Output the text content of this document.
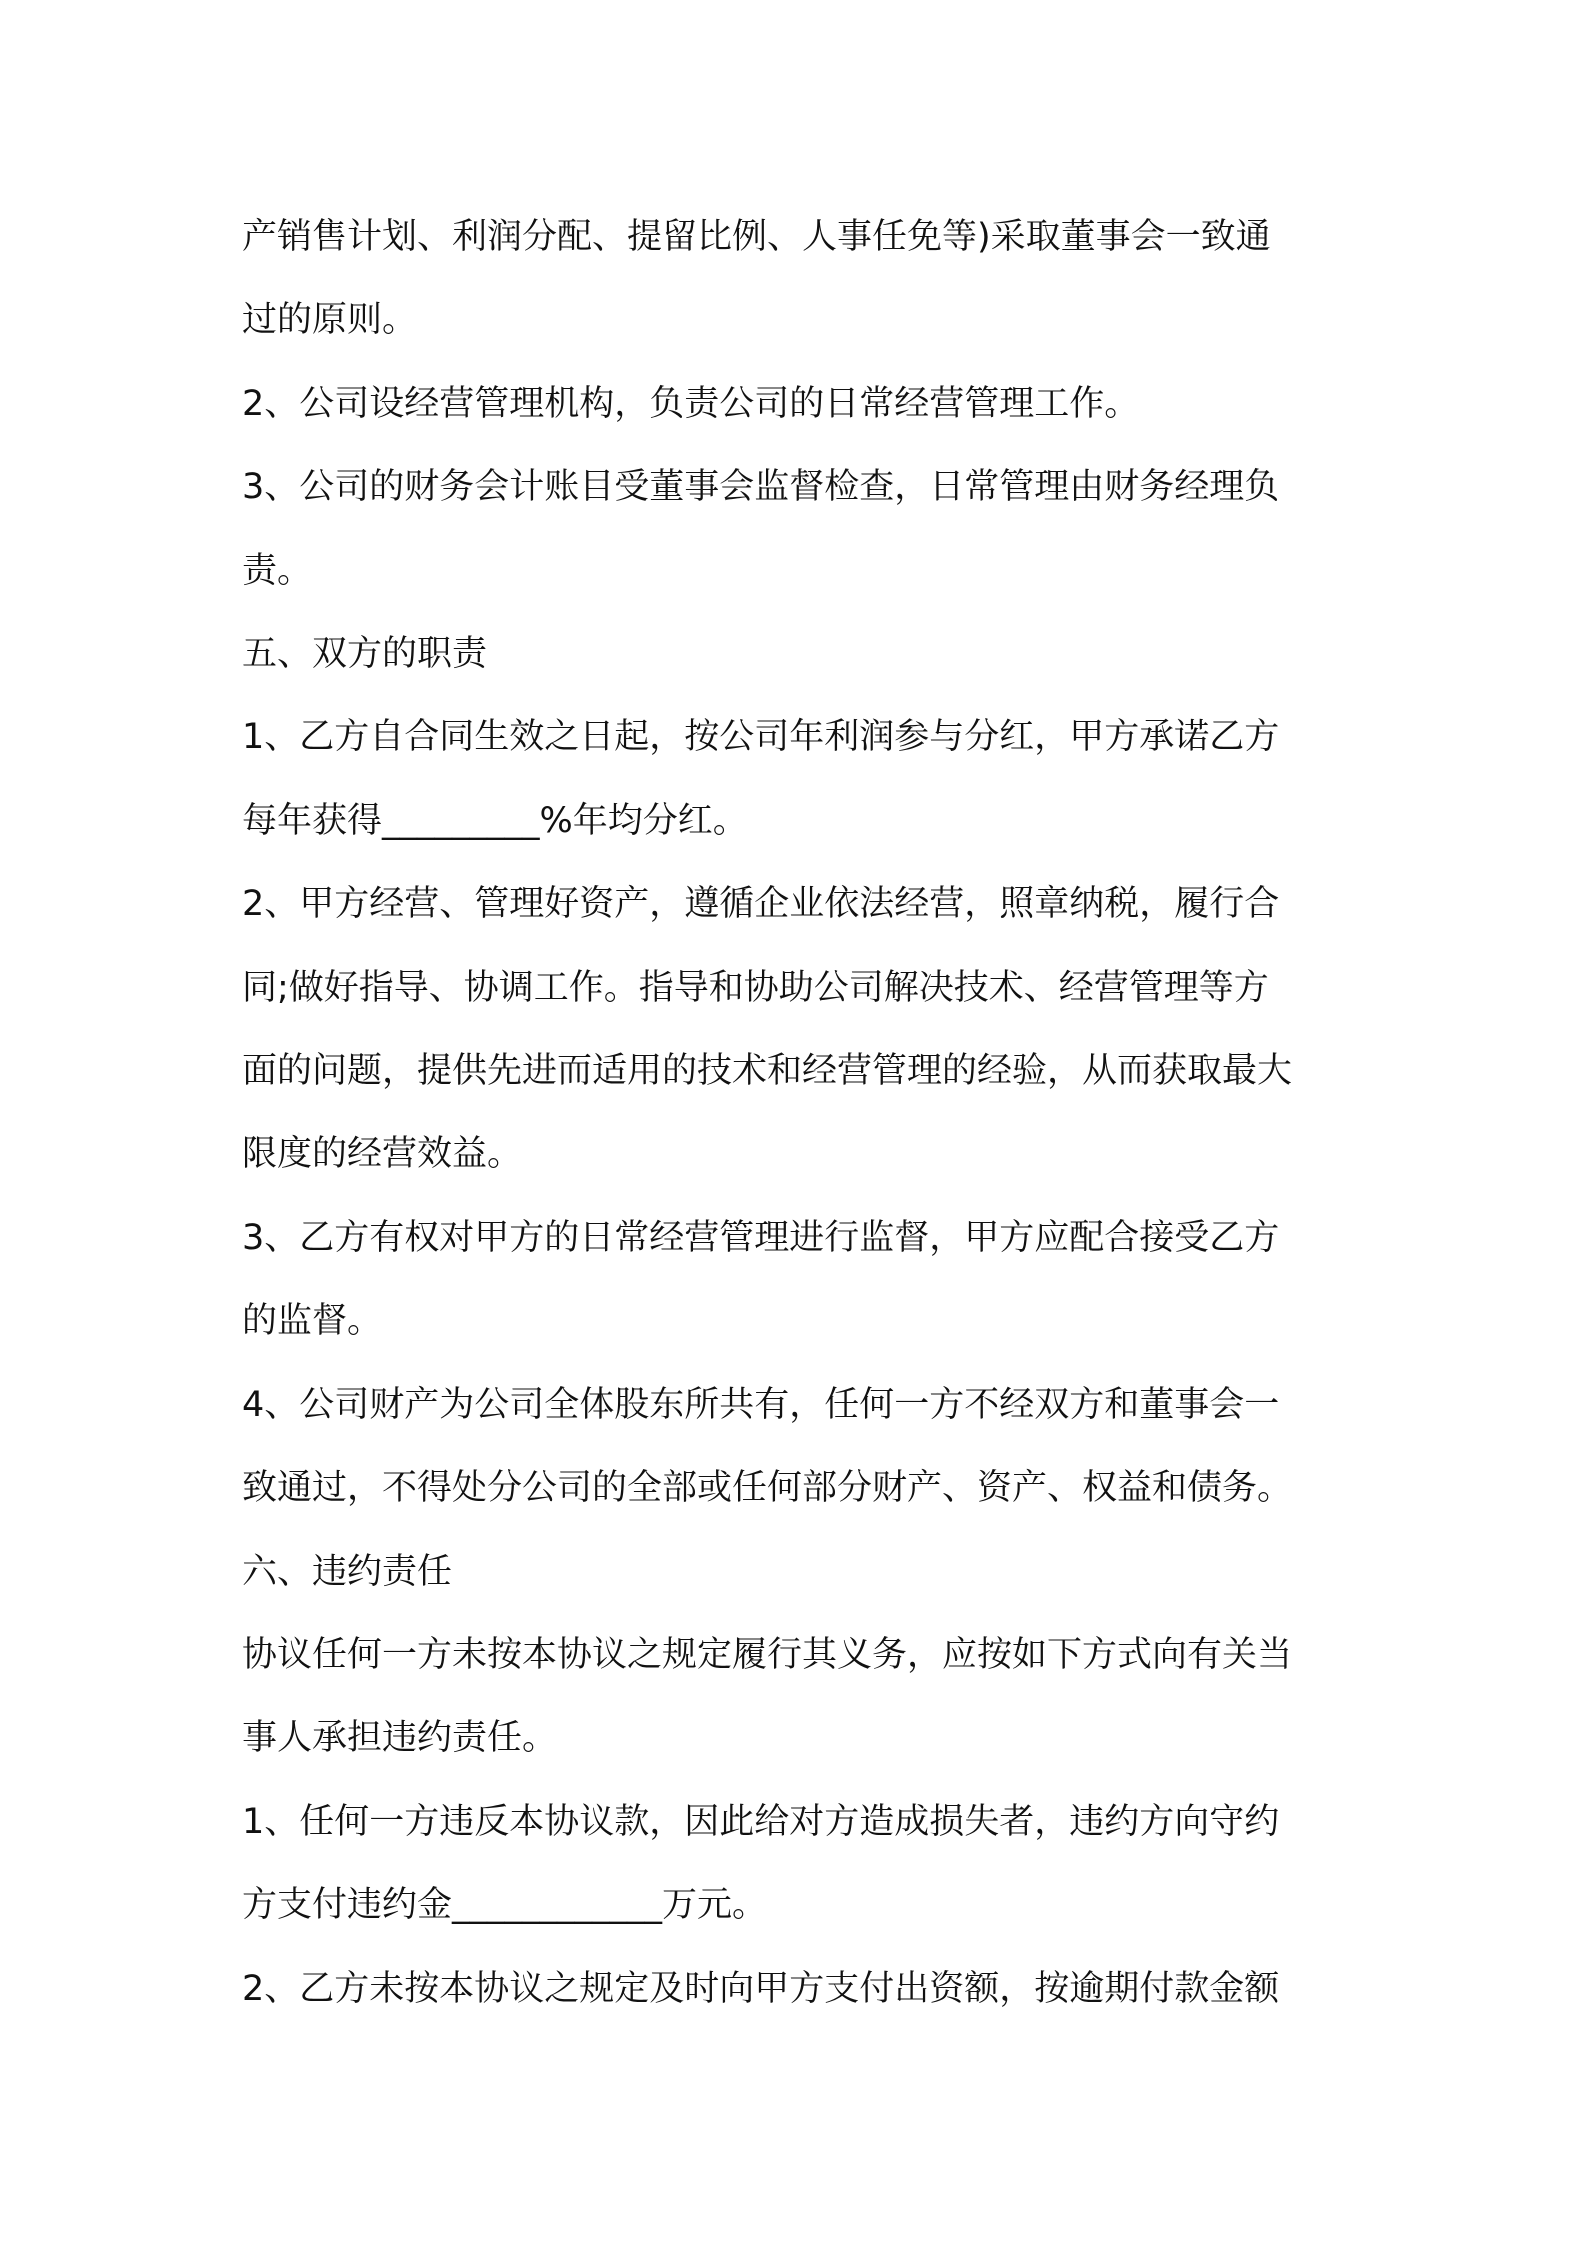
产销售计划、利润分配、提留比例、人事任免等)采取董事会一致通
过的原则。

2、公司设经营管理机构，负责公司的日常经营管理工作。

3、公司的财务会计账目受董事会监督检查，日常管理由财务经理负
责。

五、双方的职责

1、乙方自合同生效之日起，按公司年利润参与分红，甲方承诺乙方
每年获得_________%年均分红。

2、甲方经营、管理好资产，遵循企业依法经营，照章纳税，履行合
同;做好指导、协调工作。指导和协助公司解决技术、经营管理等方
面的问题，提供先进而适用的技术和经营管理的经验，从而获取最大
限度的经营效益。

3、乙方有权对甲方的日常经营管理进行监督，甲方应配合接受乙方
的监督。

4、公司财产为公司全体股东所共有，任何一方不经双方和董事会一
致通过，不得处分公司的全部或任何部分财产、资产、权益和债务。

六、违约责任

协议任何一方未按本协议之规定履行其义务，应按如下方式向有关当
事人承担违约责任。

1、任何一方违反本协议款，因此给对方造成损失者，违约方向守约
方支付违约金____________万元。

2、乙方未按本协议之规定及时向甲方支付出资额，按逾期付款金额
